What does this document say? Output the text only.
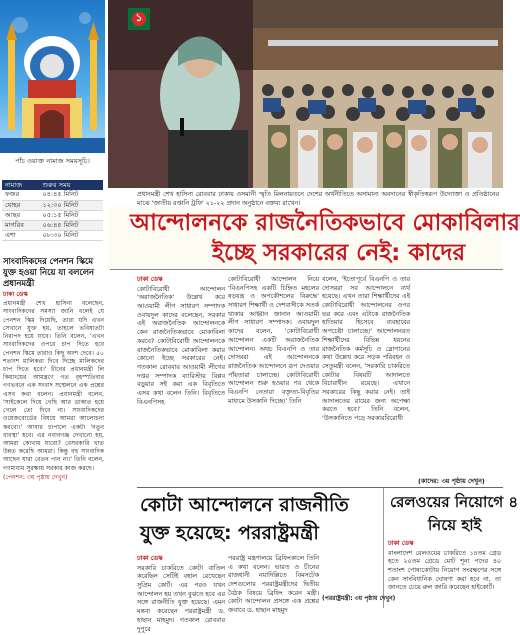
পাঁচ ওয়াক্ত নামাজ সময়সূচি।
নামাজ	শুরুর সময়
ফজর	০৪:৪৫ মিনিট
যোহর	১২:৩০ মিনিট
আছর	০৫:১৫ মিনিট
মাগরিব	০৬:৪৫ মিনিট
এশা	০৮:৩০ মিনিট
সাংবাদিকদের পেনশন স্কিমে যুক্ত হওয়া নিয়ে যা বললেন প্রধানমন্ত্রী
ঢাকা ডেস্ক

প্রধানমন্ত্রী শেখ হাসিনা বলেছেন, সাংবাদিকদের সমস্যা জানি বলেই যে পেনশন স্কিম দিয়েছি, তারা যদি এখন সেখানে যুক্ত হয়, তাহলে ভবিষ্যতটা নিরাপদ হয়ে যাবে। তিনি বলেন, 'এখন সাংবাদিকদের ওপরে চাপ দিতে হবে পেনশন স্কিমে তারাও কিছু অংশ দেবে। ৫০ শতাংশ মালিকরা দিবে দিচ্ছে মালিকদের চাপ দিতে হবে।' চীনের প্রধানমন্ত্রী লি কিয়াংয়ের আমন্ত্রণে গত বৃহস্পতিবার গণভবনে এক সংবাদ সম্মেলনে এক প্রশ্নের এসব কথা বলেন। প্রধানমন্ত্রী বলেন, 'সাইকেলে দিয়ে গেছি আর ডাকাত হয়ে গেলে তো দিবে না। সাংবাদিকদের ওয়েজবোর্ডের বিষয়ে আমরা আলোচনা করবো।' আবার চাপালে একটা 'নতুন ব্যবস্থা' হবে। এর নবাবগঞ্জ দেখানো হয়, আমরা কোথায় যাবো? বেসরকারি খাত উন্নত করেছি আমরা। কিন্তু বহু সাংবাদিক আছেন যারা বেতন পান না।' তিনি বলেন, গণমাধ্যম সুরক্ষায় সরকার কাজ করছে।

(পেনশন: ৩য় পৃষ্ঠায় দেখুন)
১

প্রধানমন্ত্রী শেখ হাসিনা রোববার ঢাকায় ওসমানী স্মৃতি মিলনায়তনে দেশের অর্থনীতিতে অসামান্য অবদানের স্বীকৃতিস্বরূপ উদ্যোক্তা ও প্রতিষ্ঠানের মাঝে 'জাতীয় রপ্তানি ট্রফি' ২১-২২ প্রদান অনুষ্ঠানে বক্তব্য রাখেন।

আন্দোলনকে রাজনৈতিকভাবে মোকাবিলার
ইচ্ছে সরকারের নেই: কাদের
ঢাকা ডেস্ক

কোটাবিরোধী আন্দোলন 'অরাজনৈতিক' উল্লেখ করে আওয়ামী লীগ সাধারণ সম্পাদক ওবায়দুল কাদের বলেছেন, সরকার এই অরাজনৈতিক আন্দোলনকে কেন রাজনৈতিকভাবে মোকাবিলা করবে? কোটাবিরোধী আন্দোলনকে রাজনৈতিকভাবে মোকাবিলা করার কোনো ইচ্ছে সরকারের নেই। গতকাল রোববার আওয়ামী লীগের দপ্তর সম্পাদক ব্যারিস্টার বিপ্লব বড়ুয়ার সই করা এক বিবৃতিতে এসব কথা বলেন তিনি। বিবৃতিতে বিএনপিসহ

কোটাবিরোধী আন্দোলন নিয়ে 'বিএনপিসহ একটি চিহ্নিত মহলের ষড়যন্ত্র ও অপকৌশলের বিরুদ্ধে' সাধারণ শিক্ষার্থী ও দেশবাসীকে সতর্ক থাকার আহ্বান জানান আওয়ামী লীগ সাধারণ সম্পাদক। ওবায়দুল কাদের বলেন, 'কোটাবিরোধী আন্দোলন একটি অরাজনৈতিক আন্দোলন। অথচ বিএনপি ও তার দোসররা এই আন্দোলনকে রাজনৈতিক আন্দোলনে রূপ দেওয়ার পাঁয়তারা চালাচ্ছে। কোটাবিরোধী আন্দোলন শুরু হওয়ার পর থেকে বিএনপি নেতারা বক্তৃতা-বিবৃতির মাধ্যমে উসকানি দিচ্ছে।' তিনি

বলেন, 'ইতোপূর্বে বিএনপি ও তার দোসররা সব আন্দোলনে ব্যর্থ হয়েছে। এখন তারা শিক্ষার্থীদের এই কোটাবিরোধী আন্দোলনের ওপর ভর করে এবং এটাকে রাজনৈতিক হাতিয়ার হিসেবে ব্যবহারের অপচেষ্টা চালাচ্ছে।' আন্দোলনরত শিক্ষার্থীদের বিভিন্ন ধরনের রাজনৈতিক কর্মসূচি ও স্লোগানের কথা উল্লেখ করে সড়ক পরিবহন ও সেতুমন্ত্রী বলেন, 'সরকারি চাকরিতে কোটার বিষয়টি আদালতে বিচারাধীন রয়েছে। এখানে সরকারের কিছু করার নেই। তাই আদালতের রায়ের জন্য অপেক্ষা করতে হবে।' তিনি বলেন, 'উসকানিতে পড়ে সরকারবিরোধী

(কাদের: ৩য় পৃষ্ঠায় দেখুন)
কোটা আন্দোলনে রাজনীতি যুক্ত হয়েছে: পররাষ্ট্রমন্ত্রী
ঢাকা ডেস্ক

সরকারি চাকরিতে কোটা বাতিল করেছিল সেটিই বহাল রেখেছেন সুপ্রিম কোর্ট। এর পরও যখন আন্দোলন হয় তখন বুঝতে হবে এর সঙ্গে রাজনীতি যুক্ত হয়েছে। এমন মন্তব্য করেছেন পররাষ্ট্রমন্ত্রী ড. হাছান মাহমুদ। গতকাল রোববার দুপুরে

পররাষ্ট্র মন্ত্রণালয়ে ব্রিফিংকালে তিনি এ কথা বলেন। ভারত ও চীনের রাজধানী নয়াদিল্লিতে বিমসটেক দেশগুলোর পররাষ্ট্রমন্ত্রীদের দ্বিতীয় বৈঠক বিষয়ে ব্রিফিং করেন মন্ত্রী। কোটা আন্দোলন প্রসঙ্গে এক প্রশ্নের জবাবে ড. হাছান মাহমুদ

(পররাষ্ট্রমন্ত্রী: ৩য় পৃষ্ঠায় দেখুন)
রেলওয়ের নিয়োগে ৪
নিয়ে হাই
ঢাকা ডেস্ক

বাংলাদেশ রেলওয়ের চাকরিতে ১৪তম গ্রেড হতে ২০তম গ্রেডে মোট শূন্য পদের ৪০ শতাংশ পোষ্যকোটায় নিয়োগ সংরক্ষণের সঙ্গে কেন সাংবিধানিক ঘোষণা করা হবে না, তা জানতে চেয়ে রুল জারি করেছেন হাইকোর্ট।
